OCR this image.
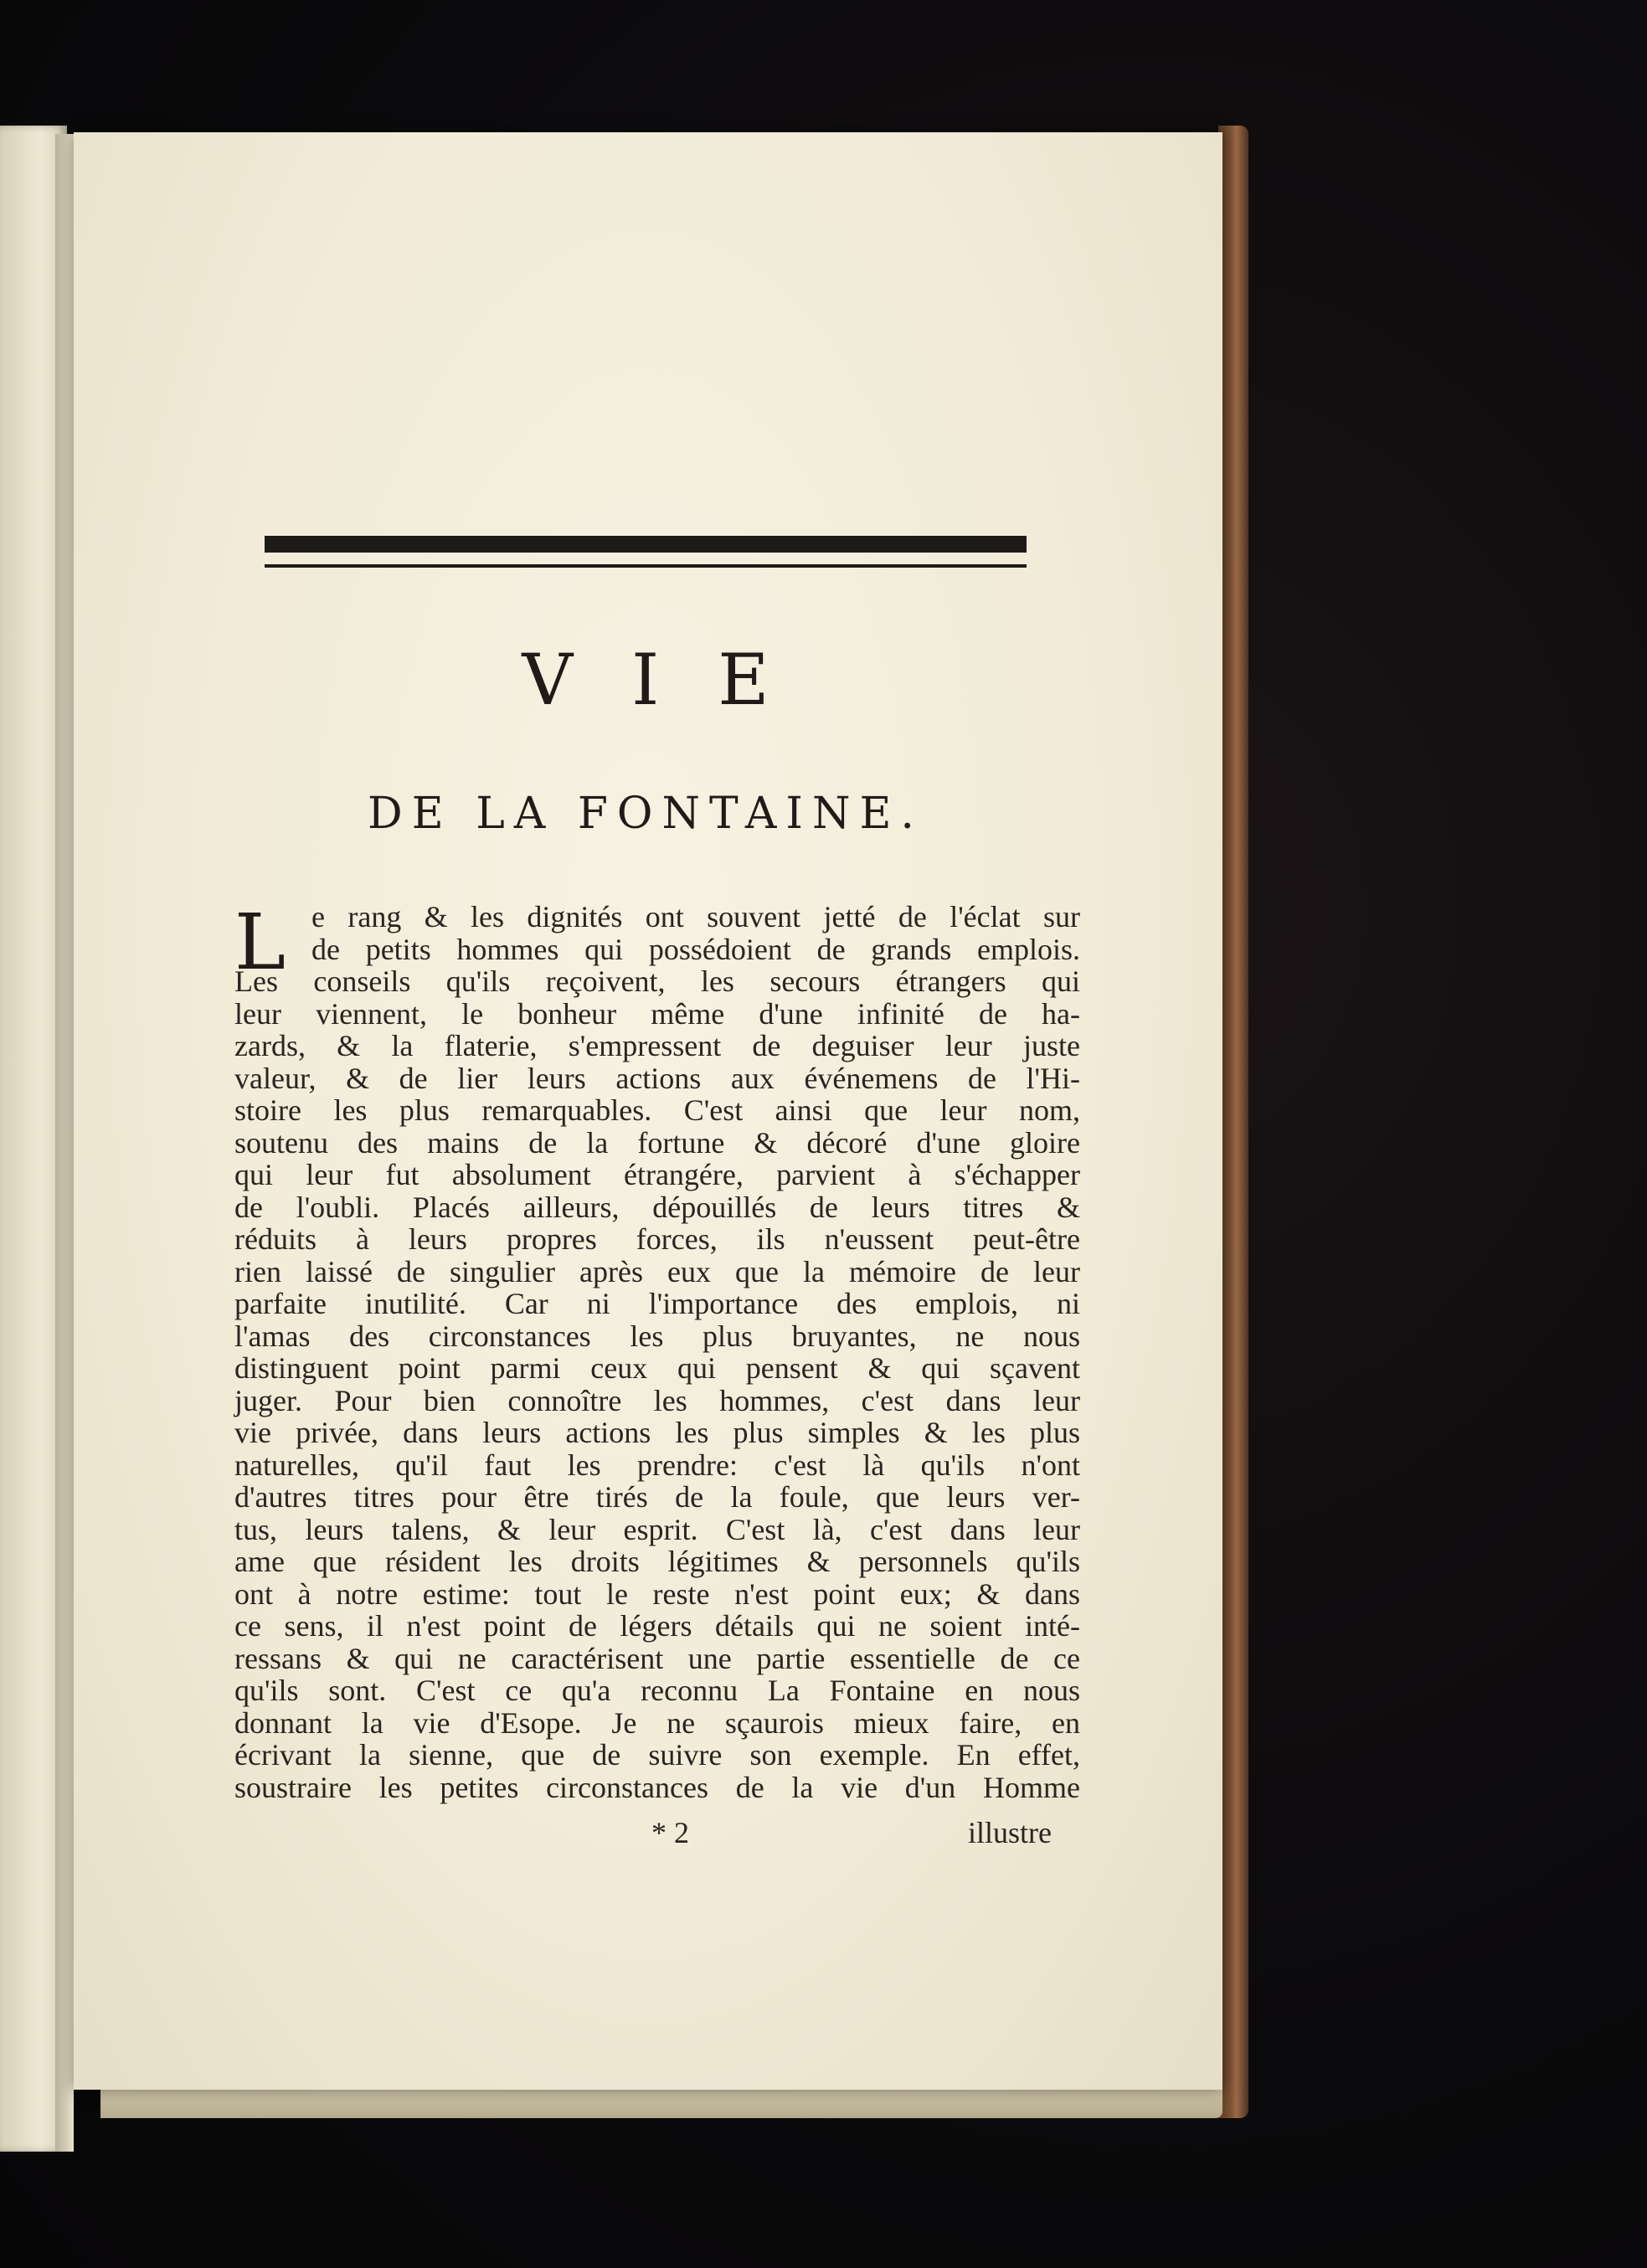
VIE
DE LA FONTAINE.
L e rang & les dignités ont souvent jetté de l'éclat sur
de petits hommes qui possédoient de grands emplois.
Les conseils qu'ils reçoivent, les secours étrangers qui
leur viennent, le bonheur même d'une infinité de ha-
zards, & la flaterie, s'empressent de deguiser leur juste
valeur, & de lier leurs actions aux événemens de l'Hi-
stoire les plus remarquables. C'est ainsi que leur nom,
soutenu des mains de la fortune & décoré d'une gloire
qui leur fut absolument étrangére, parvient à s'échapper
de l'oubli. Placés ailleurs, dépouillés de leurs titres &
réduits à leurs propres forces, ils n'eussent peut-être
rien laissé de singulier après eux que la mémoire de leur
parfaite inutilité. Car ni l'importance des emplois, ni
l'amas des circonstances les plus bruyantes, ne nous
distinguent point parmi ceux qui pensent & qui sçavent
juger. Pour bien connoître les hommes, c'est dans leur
vie privée, dans leurs actions les plus simples & les plus
naturelles, qu'il faut les prendre: c'est là qu'ils n'ont
d'autres titres pour être tirés de la foule, que leurs ver-
tus, leurs talens, & leur esprit. C'est là, c'est dans leur
ame que résident les droits légitimes & personnels qu'ils
ont à notre estime: tout le reste n'est point eux; & dans
ce sens, il n'est point de légers détails qui ne soient inté-
ressans & qui ne caractérisent une partie essentielle de ce
qu'ils sont. C'est ce qu'a reconnu La Fontaine en nous
donnant la vie d'Esope. Je ne sçaurois mieux faire, en
écrivant la sienne, que de suivre son exemple. En effet,
soustraire les petites circonstances de la vie d'un Homme
* 2	illustre
